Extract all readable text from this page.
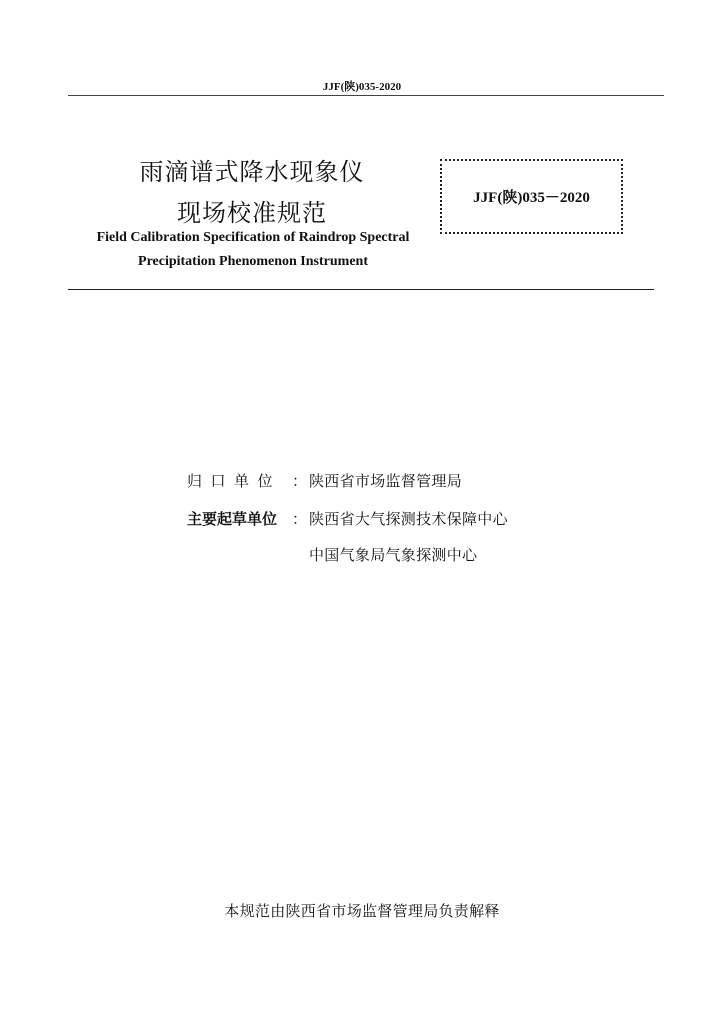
JJF(陕)035-2020
雨滴谱式降水现象仪
现场校准规范
Field Calibration Specification of Raindrop Spectral
Precipitation Phenomenon Instrument
JJF(陕)035－2020
归口单位 ： 陕西省市场监督管理局
主要起草单位 ： 陕西省大气探测技术保障中心
中国气象局气象探测中心
本规范由陕西省市场监督管理局负责解释
